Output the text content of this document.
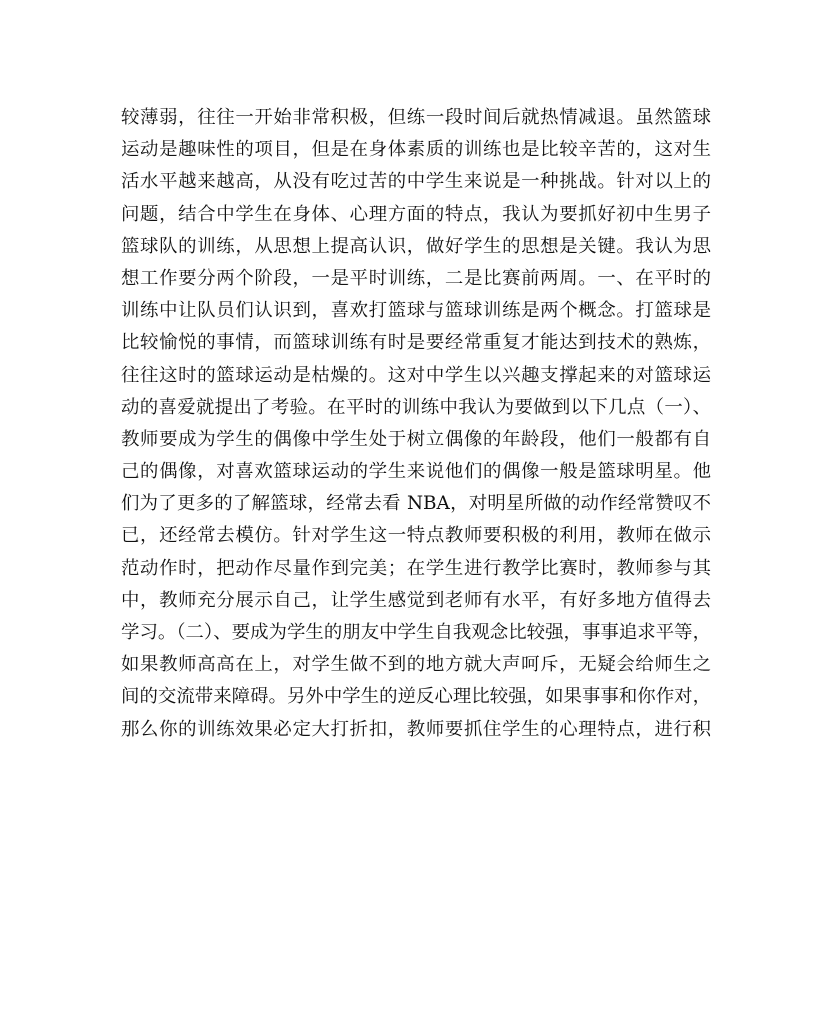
较薄弱，往往一开始非常积极，但练一段时间后就热情减退。虽然篮球
运动是趣味性的项目，但是在身体素质的训练也是比较辛苦的，这对生
活水平越来越高，从没有吃过苦的中学生来说是一种挑战。针对以上的
问题，结合中学生在身体、心理方面的特点，我认为要抓好初中生男子
篮球队的训练，从思想上提高认识，做好学生的思想是关键。我认为思
想工作要分两个阶段，一是平时训练，二是比赛前两周。一、在平时的
训练中让队员们认识到，喜欢打篮球与篮球训练是两个概念。打篮球是
比较愉悦的事情，而篮球训练有时是要经常重复才能达到技术的熟炼，
往往这时的篮球运动是枯燥的。这对中学生以兴趣支撑起来的对篮球运
动的喜爱就提出了考验。在平时的训练中我认为要做到以下几点（一）、
教师要成为学生的偶像中学生处于树立偶像的年龄段，他们一般都有自
己的偶像，对喜欢篮球运动的学生来说他们的偶像一般是篮球明星。他
们为了更多的了解篮球，经常去看 NBA，对明星所做的动作经常赞叹不
已，还经常去模仿。针对学生这一特点教师要积极的利用，教师在做示
范动作时，把动作尽量作到完美；在学生进行教学比赛时，教师参与其
中，教师充分展示自己，让学生感觉到老师有水平，有好多地方值得去
学习。（二）、要成为学生的朋友中学生自我观念比较强，事事追求平等，
如果教师高高在上，对学生做不到的地方就大声呵斥，无疑会给师生之
间的交流带来障碍。另外中学生的逆反心理比较强，如果事事和你作对，
那么你的训练效果必定大打折扣，教师要抓住学生的心理特点，进行积
